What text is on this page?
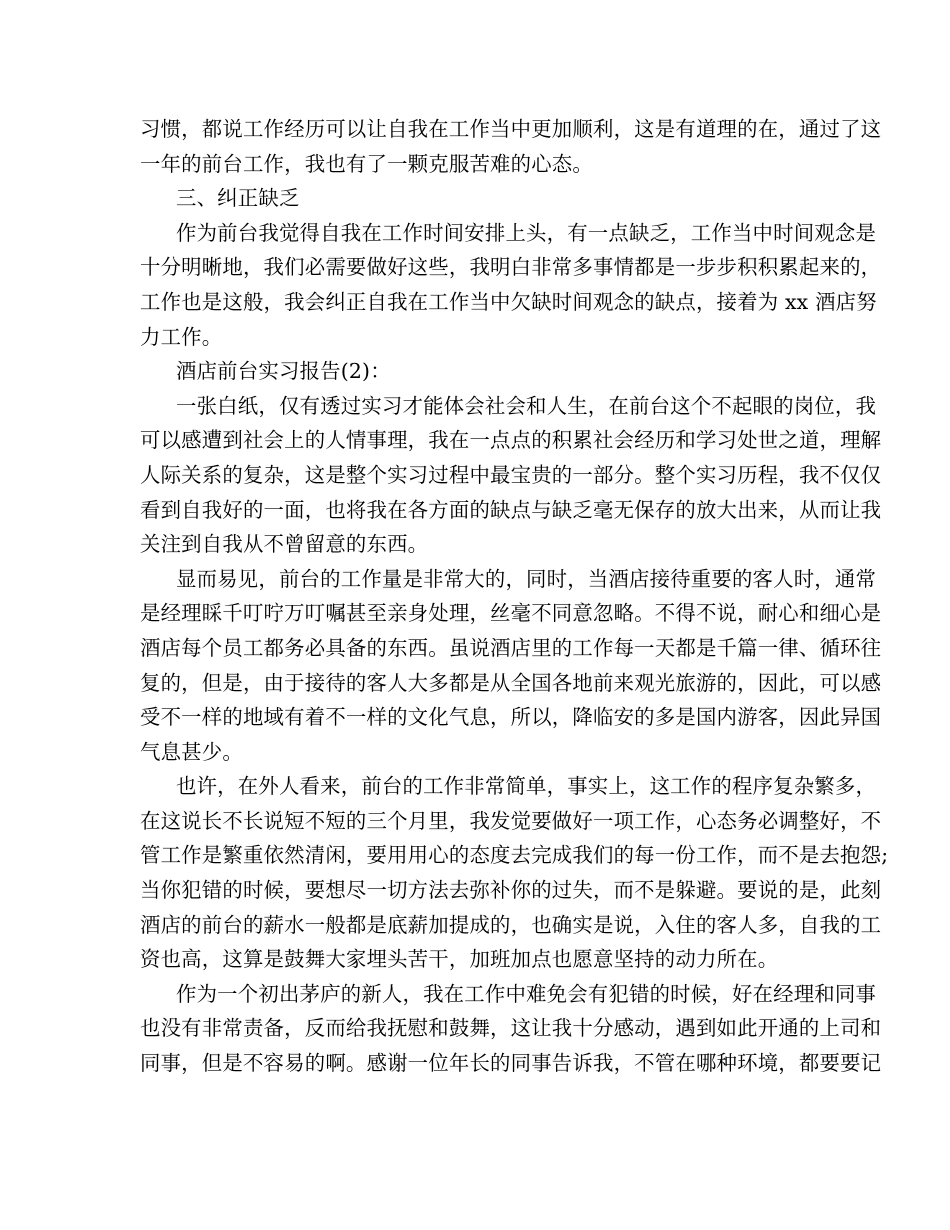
习惯，都说工作经历可以让自我在工作当中更加顺利，这是有道理的在，通过了这
一年的前台工作，我也有了一颗克服苦难的心态。
三、纠正缺乏
作为前台我觉得自我在工作时间安排上头，有一点缺乏，工作当中时间观念是
十分明晰地，我们必需要做好这些，我明白非常多事情都是一步步积积累起来的，
工作也是这般，我会纠正自我在工作当中欠缺时间观念的缺点，接着为 xx 酒店努
力工作。
酒店前台实习报告(2)：
一张白纸，仅有透过实习才能体会社会和人生，在前台这个不起眼的岗位，我
可以感遭到社会上的人情事理，我在一点点的积累社会经历和学习处世之道，理解
人际关系的复杂，这是整个实习过程中最宝贵的一部分。整个实习历程，我不仅仅
看到自我好的一面，也将我在各方面的缺点与缺乏毫无保存的放大出来，从而让我
关注到自我从不曾留意的东西。
显而易见，前台的工作量是非常大的，同时，当酒店接待重要的客人时，通常
是经理睬千叮咛万叮嘱甚至亲身处理，丝毫不同意忽略。不得不说，耐心和细心是
酒店每个员工都务必具备的东西。虽说酒店里的工作每一天都是千篇一律、循环往
复的，但是，由于接待的客人大多都是从全国各地前来观光旅游的，因此，可以感
受不一样的地域有着不一样的文化气息，所以，降临安的多是国内游客，因此异国
气息甚少。
也许，在外人看来，前台的工作非常简单，事实上，这工作的程序复杂繁多，
在这说长不长说短不短的三个月里，我发觉要做好一项工作，心态务必调整好，不
管工作是繁重依然清闲，要用用心的态度去完成我们的每一份工作，而不是去抱怨;
当你犯错的时候，要想尽一切方法去弥补你的过失，而不是躲避。要说的是，此刻
酒店的前台的薪水一般都是底薪加提成的，也确实是说，入住的客人多，自我的工
资也高，这算是鼓舞大家埋头苦干，加班加点也愿意坚持的动力所在。
作为一个初出茅庐的新人，我在工作中难免会有犯错的时候，好在经理和同事
也没有非常责备，反而给我抚慰和鼓舞，这让我十分感动，遇到如此开通的上司和
同事，但是不容易的啊。感谢一位年长的同事告诉我，不管在哪种环境，都要要记
